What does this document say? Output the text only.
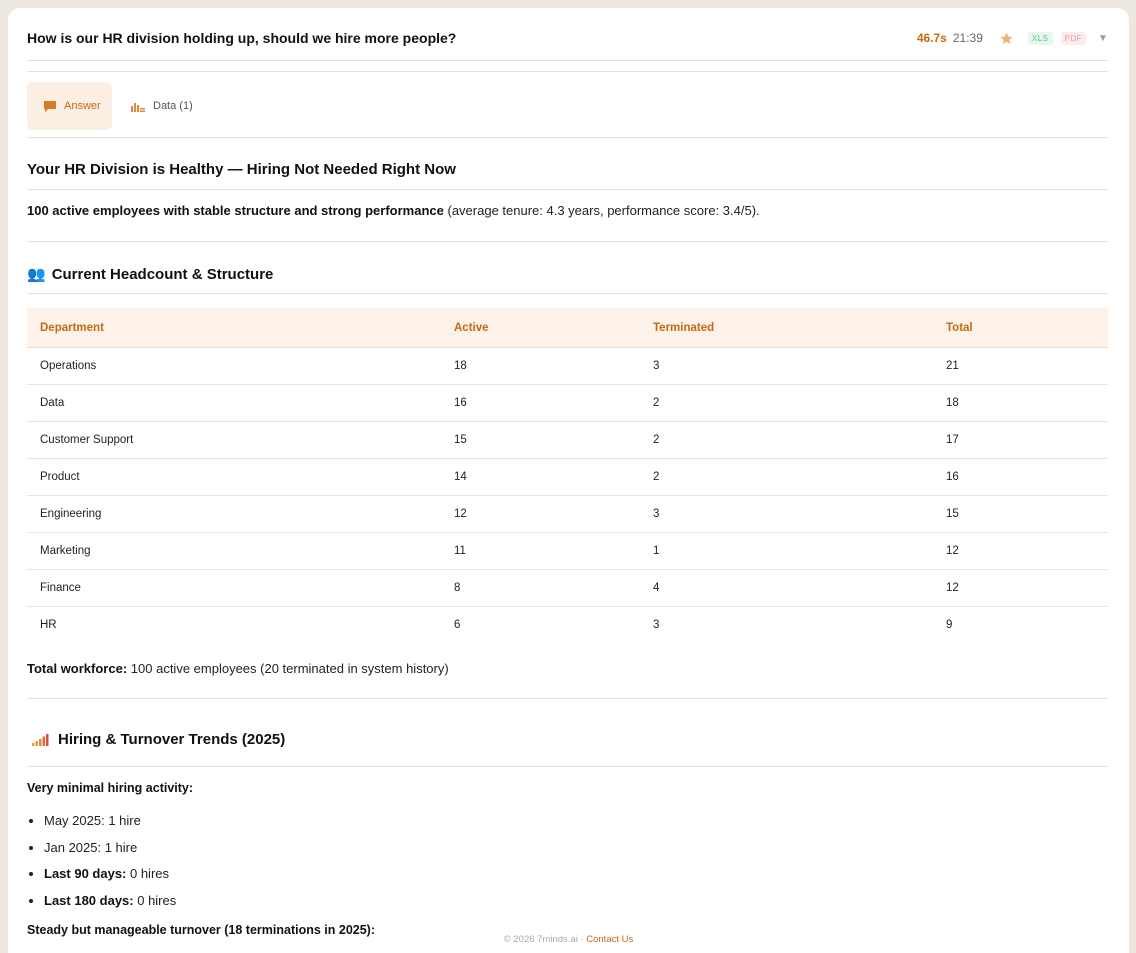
How is our HR division holding up, should we hire more people?	46.7s 21:39	XLS	PDF	▼
Answer	Data (1)
Your HR Division is Healthy — Hiring Not Needed Right Now
100 active employees with stable structure and strong performance (average tenure: 4.3 years, performance score: 3.4/5).
👥 Current Headcount & Structure
Department	Active	Terminated	Total
Operations	18	3	21
Data	16	2	18
Customer Support	15	2	17
Product	14	2	16
Engineering	12	3	15
Marketing	11	1	12
Finance	8	4	12
HR	6	3	9
Total workforce: 100 active employees (20 terminated in system history)
Hiring & Turnover Trends (2025)
Very minimal hiring activity:
• May 2025: 1 hire
• Jan 2025: 1 hire
• Last 90 days: 0 hires
• Last 180 days: 0 hires
Steady but manageable turnover (18 terminations in 2025):
© 2026 7minds.ai · Contact Us
